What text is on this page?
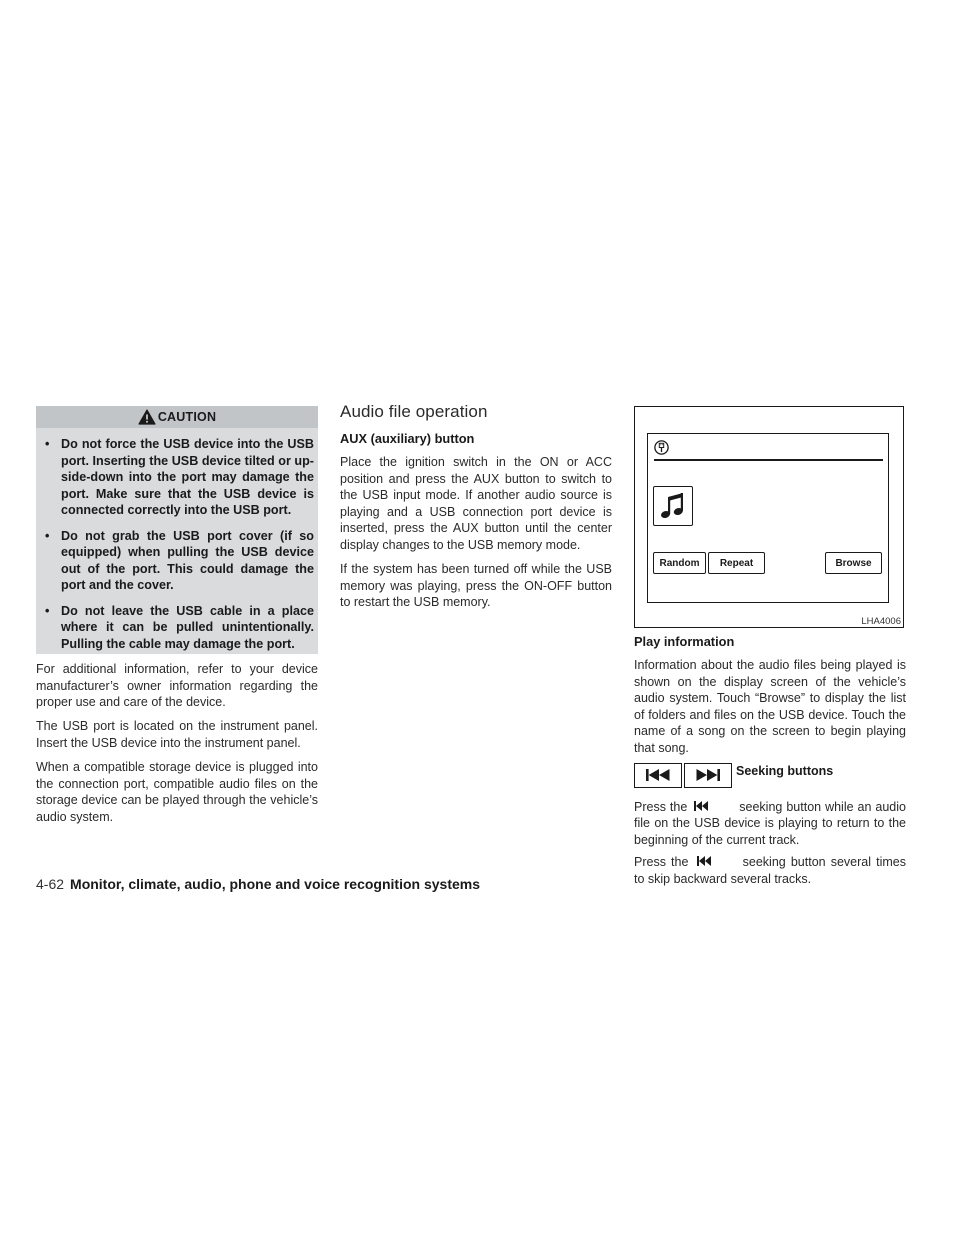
CAUTION
• Do not force the USB device into the USB port. Inserting the USB device tilted or up-side-down into the port may damage the port. Make sure that the USB device is connected correctly into the USB port.
• Do not grab the USB port cover (if so equipped) when pulling the USB device out of the port. This could damage the port and the cover.
• Do not leave the USB cable in a place where it can be pulled unintentionally. Pulling the cable may damage the port.

For additional information, refer to your device manufacturer’s owner information regarding the proper use and care of the device.

The USB port is located on the instrument panel. Insert the USB device into the instrument panel.

When a compatible storage device is plugged into the connection port, compatible audio files on the storage device can be played through the vehicle’s audio system.

Audio file operation
AUX (auxiliary) button

Place the ignition switch in the ON or ACC position and press the AUX button to switch to the USB input mode. If another audio source is playing and a USB connection port device is inserted, press the AUX button until the center display changes to the USB memory mode.

If the system has been turned off while the USB memory was playing, press the ON-OFF button to restart the USB memory.

Random	Repeat	Browse
LHA4006
Play information

Information about the audio files being played is shown on the display screen of the vehicle’s audio system. Touch “Browse” to display the list of folders and files on the USB device. Touch the name of a song on the screen to begin playing that song.

Seeking buttons

Press the	seeking button while an audio file on the USB device is playing to return to the beginning of the current track.

Press the	seeking button several times to skip backward several tracks.

4-62 Monitor, climate, audio, phone and voice recognition systems
